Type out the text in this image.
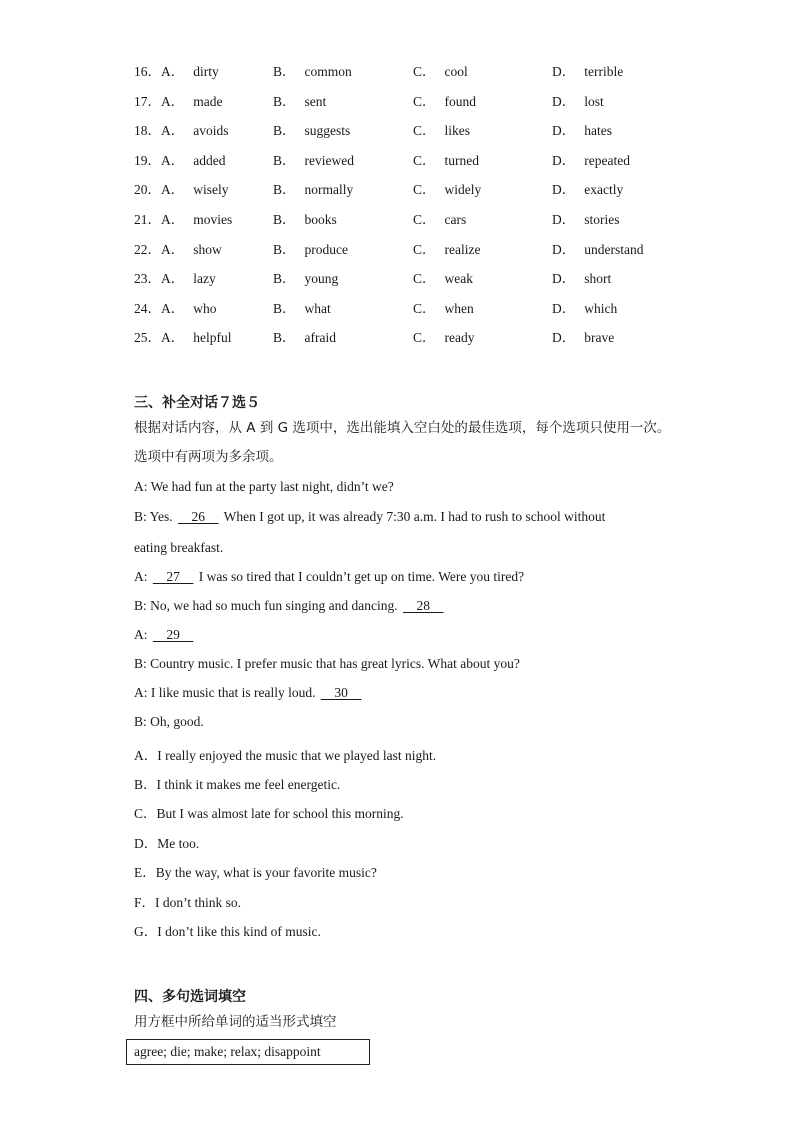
16．A． dirty	B． common	C． cool	D． terrible
17．A． made	B． sent	C． found	D． lost
18．A． avoids	B． suggests	C． likes	D． hates
19．A． added	B． reviewed	C． turned	D． repeated
20．A． wisely	B． normally	C． widely	D． exactly
21．A． movies	B． books	C． cars	D． stories
22．A． show	B． produce	C． realize	D． understand
23．A． lazy	B． young	C． weak	D． short
24．A． who	B． what	C． when	D． which
25．A． helpful	B． afraid	C． ready	D． brave
三、补全对话７选５
根据对话内容，从 A 到 G 选项中，选出能填入空白处的最佳选项，每个选项只使用一次。选项中有两项为多余项。
A: We had fun at the party last night, didn’t we?
B: Yes. 26 When I got up, it was already 7:30 a.m. I had to rush to school without
eating breakfast.
A: 27 I was so tired that I couldn’t get up on time. Were you tired?
B: No, we had so much fun singing and dancing. 28
A: 29
B: Country music. I prefer music that has great lyrics. What about you?
A: I like music that is really loud. 30
B: Oh, good.
A．I really enjoyed the music that we played last night.
B．I think it makes me feel energetic.
C．But I was almost late for school this morning.
D．Me too.
E．By the way, what is your favorite music?
F．I don’t think so.
G．I don’t like this kind of music.
四、多句选词填空
用方框中所给单词的适当形式填空
agree; die; make; relax; disappoint
